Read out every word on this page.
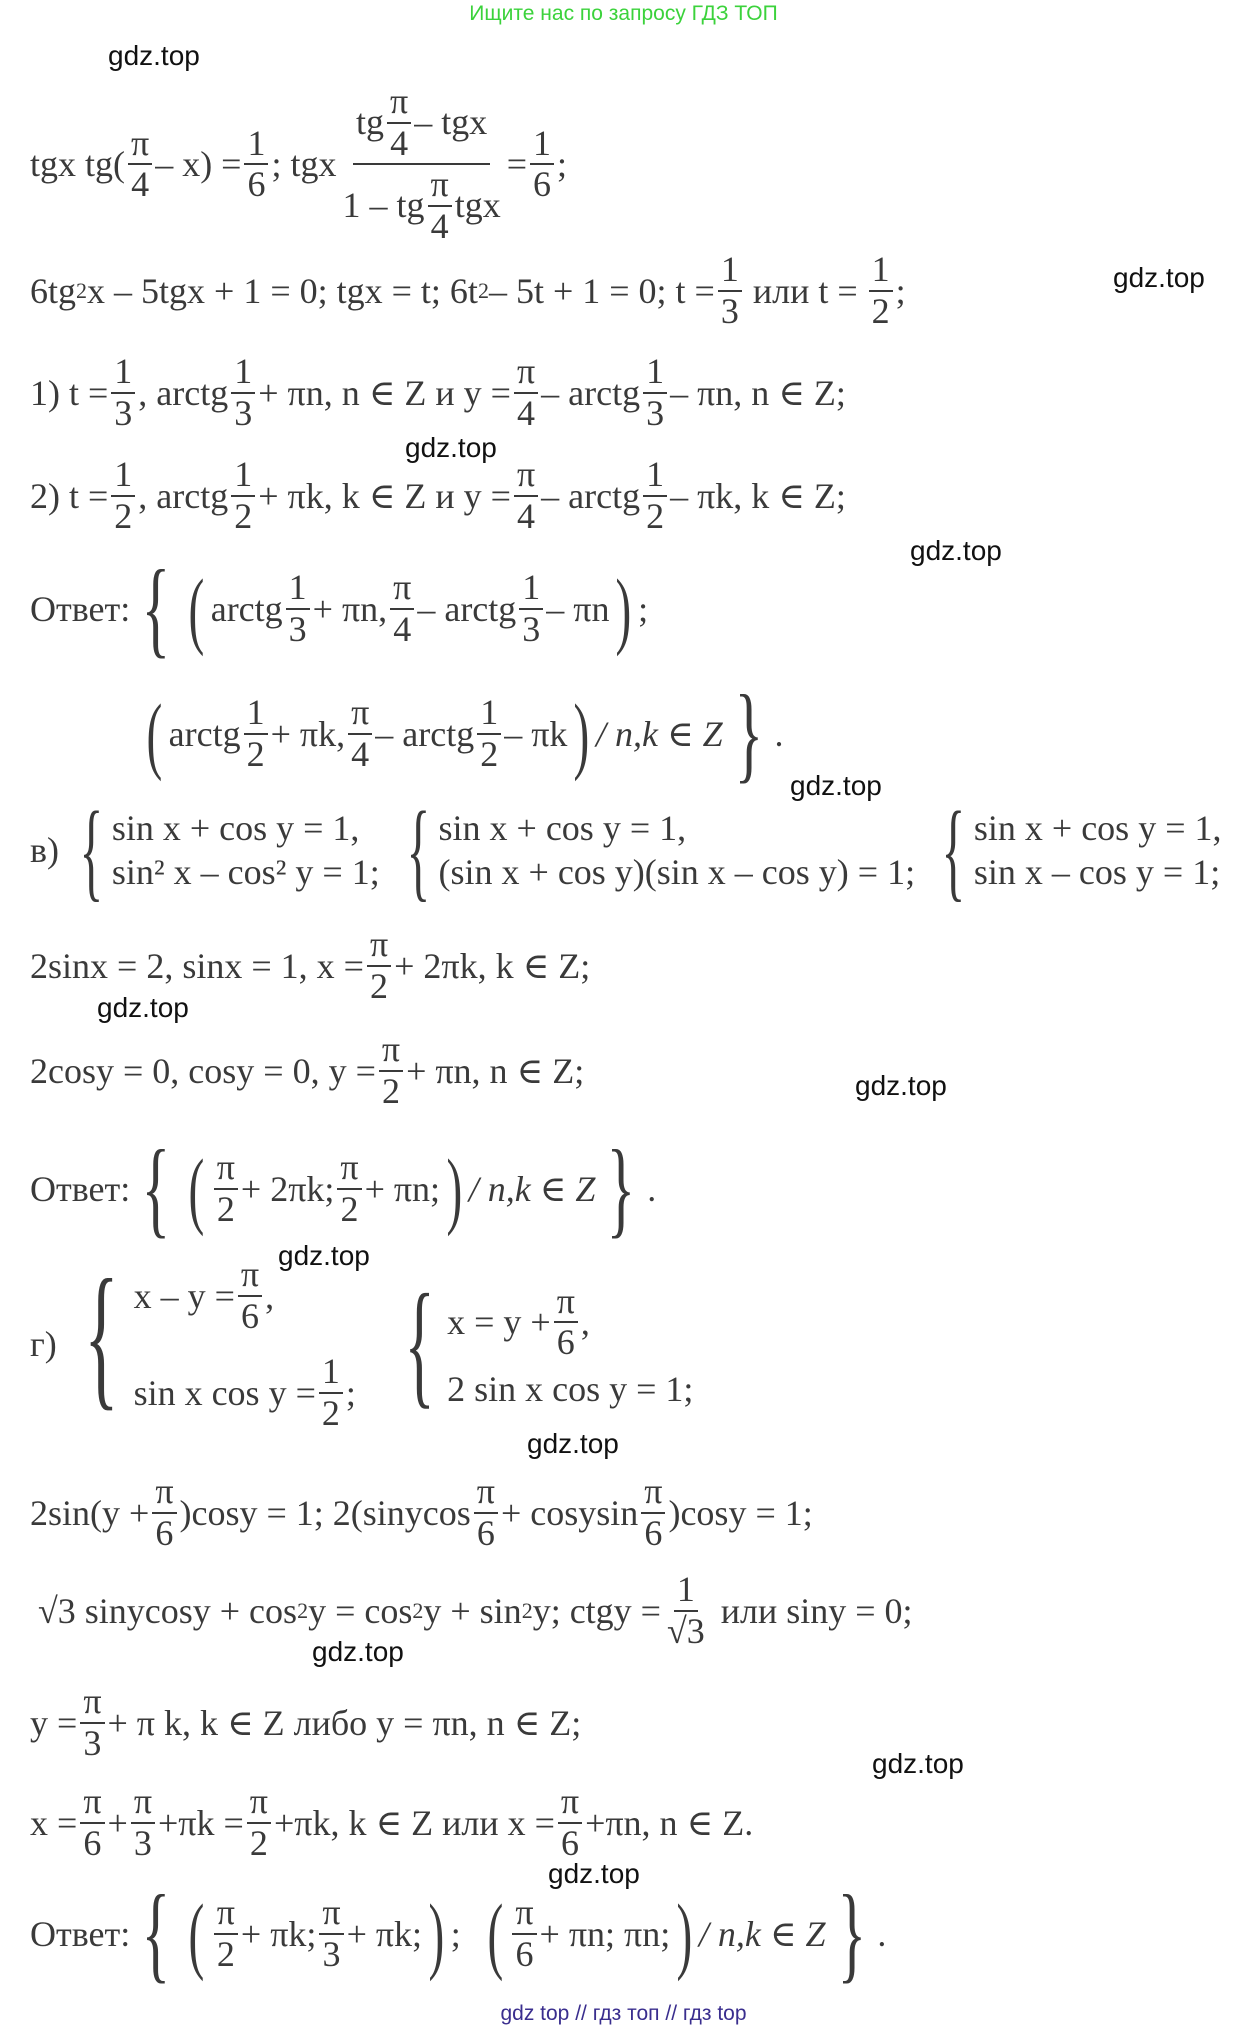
Ищите нас по запросу ГДЗ ТОП
gdz.top
gdz.top
gdz.top
gdz.top
gdz.top
gdz.top
gdz.top
gdz.top
gdz.top
gdz.top
gdz.top
gdz.top
tgx $tg( \frac{\pi}{4} - x) = \frac{1}{6}$ ; tgx $\frac{tg \frac{\pi}{4} - tgx}{1 - tg \frac{\pi}{4} tgx} = \frac{1}{6}$ ;
6tg 2 x – 5tgx + 1 = 0; tgx = t; 6t 2 – 5t + 1 = 0; $t = \frac{1}{3}$ или $t = \frac{1}{2}$ ;
1) $t = \frac{1}{3}$ , arctg $\frac{1}{3} + \pi n$, n ∈ Z и $y = \frac{\pi}{4}$ – arctg $\frac{1}{3}$ – πn, n ∈ Z;
2) $t = \frac{1}{2}$ , arctg $\frac{1}{2} + \pi k$, k ∈ Z и $y = \frac{\pi}{4}$ – arctg $\frac{1}{2}$ – πk, k ∈ Z;
Ответ: { ( arctg $\frac{1}{3} + \pi n$, $\frac{\pi}{4}$ – arctg $\frac{1}{3}$ – πn ) ;
( arctg $\frac{1}{2} + \pi k$, $\frac{\pi}{4}$ – arctg $\frac{1}{2}$ – πk ) / n,k ∈ Z } .
в) { sin x + cos y = 1,
sin² x – cos² y = 1; { sin x + cos y = 1,
(sin x + cos y)(sin x – cos y) = 1; { sin x + cos y = 1,
sin x – cos y = 1;
2sinx = 2, sinx = 1, $x = \frac{\pi}{2} + 2\pi k$, k ∈ Z;
2cosy = 0, cosy = 0, $y = \frac{\pi}{2} + \pi n$, n ∈ Z;
Ответ: { ( $\frac{\pi}{2} + 2\pi k$; $\frac{\pi}{2} + \pi n$; ) / n,k ∈ Z } .
г) { $x - y = \frac{\pi}{6}$ ,
sin x $\cos y = \frac{1}{2}$ ; { $x = y + \frac{\pi}{6}$ ,
2 sin x cos y = 1;
$2\sin(y + \frac{\pi}{6} )\cos y = 1$; 2(sinycos $\frac{\pi}{6}$ + cosysin $\frac{\pi}{6} )\cos y = 1$;
√3 sinycosy + cos 2 y = cos 2 y + sin 2 y; ctgy = $\frac{1}{√3}$ или siny = 0;
$y = \frac{\pi}{3} + \pi$ k, k ∈ Z либо y = πn, n ∈ Z;
$x = \frac{\pi}{6} + \frac{\pi}{3} +\pi k = \frac{\pi}{2} +\pi k$, k ∈ Z или $x = \frac{\pi}{6} +\pi n$, n ∈ Z.
Ответ: { ( $\frac{\pi}{2} + \pi k$; $\frac{\pi}{3} + \pi k$; ) ; ( $\frac{\pi}{6} + \pi n$; πn; ) / n,k ∈ Z } .
gdz top // гдз топ // гдз top
